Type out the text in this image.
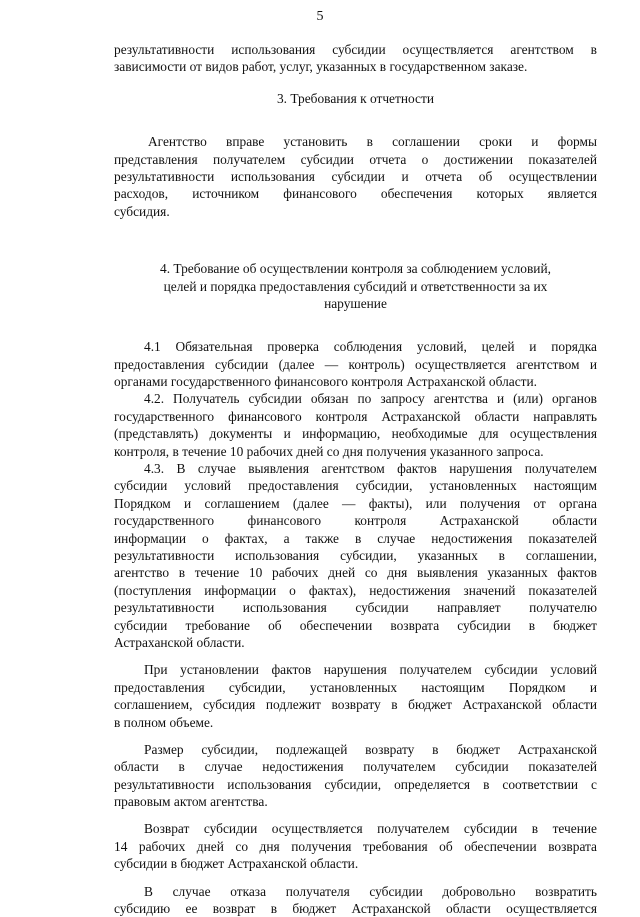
5
результативности использования субсидии осуществляется агентством в
зависимости от видов работ, услуг, указанных в государственном заказе.
3. Требования к отчетности
Агентство вправе установить в соглашении сроки и формы
представления получателем субсидии отчета о достижении показателей
результативности использования субсидии и отчета об осуществлении
расходов, источником финансового обеспечения которых является
субсидия.
4. Требование об осуществлении контроля за соблюдением условий,
целей и порядка предоставления субсидий и ответственности за их
нарушение
4.1 Обязательная проверка соблюдения условий, целей и порядка
предоставления субсидии (далее — контроль) осуществляется агентством и
органами государственного финансового контроля Астраханской области.
4.2. Получатель субсидии обязан по запросу агентства и (или) органов
государственного финансового контроля Астраханской области направлять
(представлять) документы и информацию, необходимые для осуществления
контроля, в течение 10 рабочих дней со дня получения указанного запроса.
4.3. В случае выявления агентством фактов нарушения получателем
субсидии условий предоставления субсидии, установленных настоящим
Порядком и соглашением (далее — факты), или получения от органа
государственного финансового контроля Астраханской области
информации о фактах, а также в случае недостижения показателей
результативности использования субсидии, указанных в соглашении,
агентство в течение 10 рабочих дней со дня выявления указанных фактов
(поступления информации о фактах), недостижения значений показателей
результативности использования субсидии направляет получателю
субсидии требование об обеспечении возврата субсидии в бюджет
Астраханской области.
При установлении фактов нарушения получателем субсидии условий
предоставления субсидии, установленных настоящим Порядком и
соглашением, субсидия подлежит возврату в бюджет Астраханской области
в полном объеме.
Размер субсидии, подлежащей возврату в бюджет Астраханской
области в случае недостижения получателем субсидии показателей
результативности использования субсидии, определяется в соответствии с
правовым актом агентства.
Возврат субсидии осуществляется получателем субсидии в течение
14 рабочих дней со дня получения требования об обеспечении возврата
субсидии в бюджет Астраханской области.
В случае отказа получателя субсидии добровольно возвратить
субсидию ее возврат в бюджет Астраханской области осуществляется
